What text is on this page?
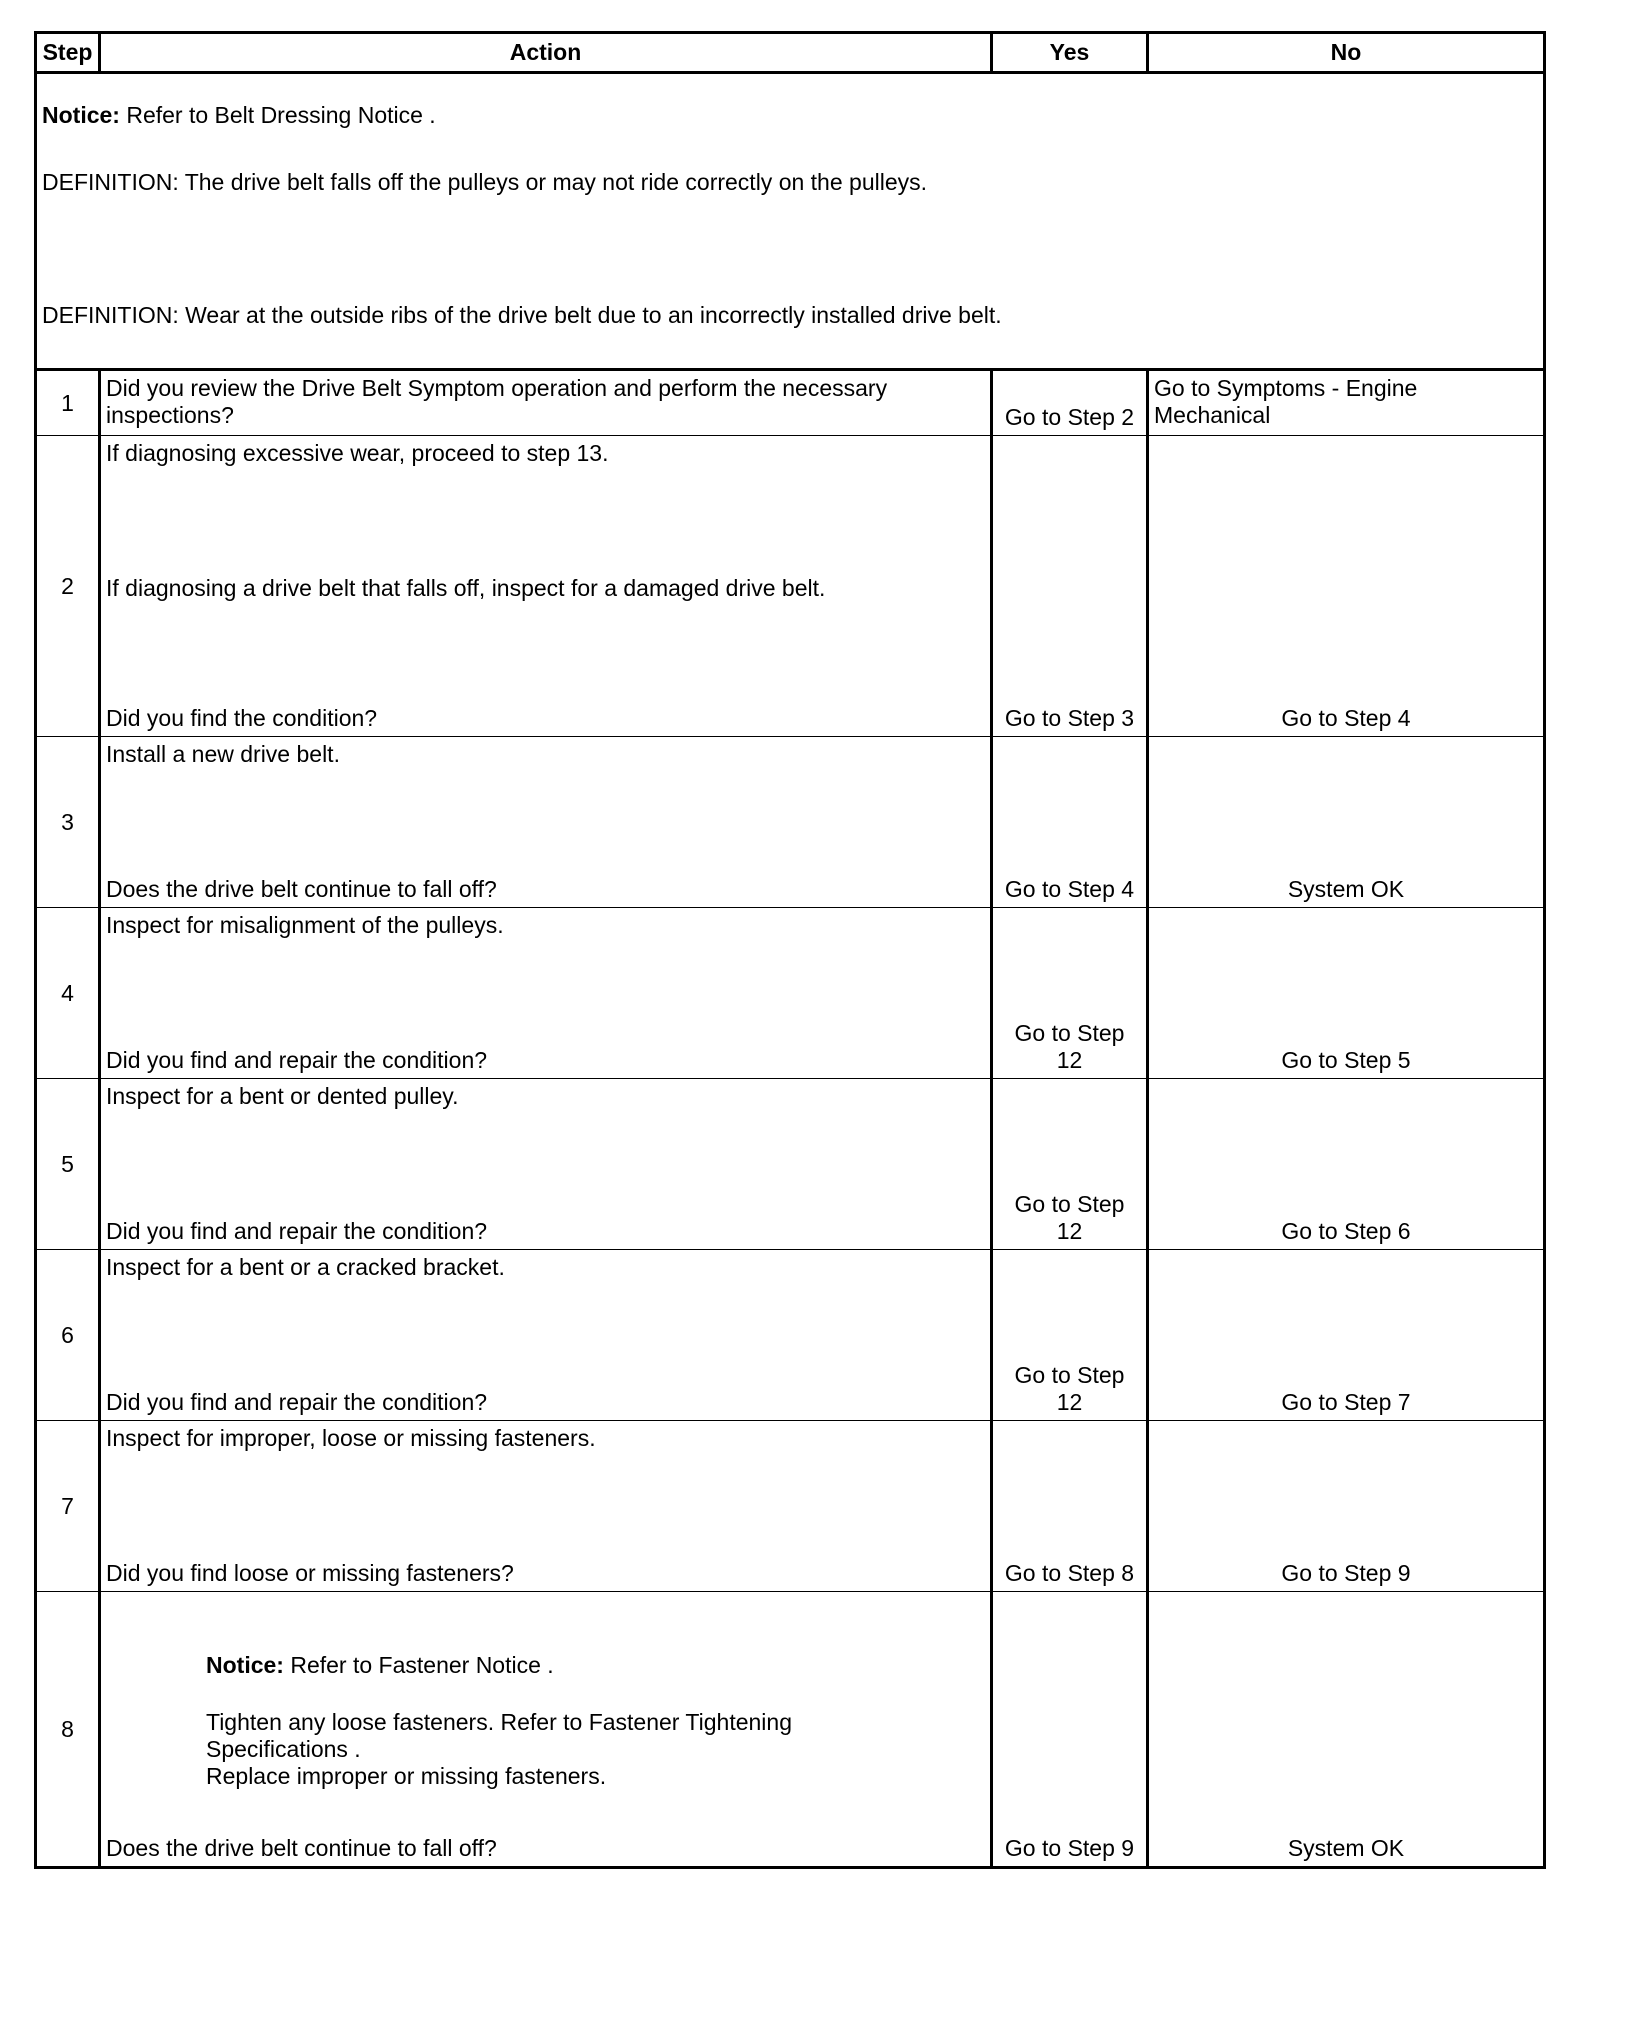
Step	Action	Yes	No

Notice: Refer to Belt Dressing Notice .

DEFINITION: The drive belt falls off the pulleys or may not ride correctly on the pulleys.

DEFINITION: Wear at the outside ribs of the drive belt due to an incorrectly installed drive belt.			

1	Did you review the Drive Belt Symptom operation and perform the necessary inspections?	Go to Step 2	Go to Symptoms - Engine Mechanical
2	If diagnosing excessive wear, proceed to step 13.
If diagnosing a drive belt that falls off, inspect for a damaged drive belt.
Did you find the condition?	Go to Step 3	Go to Step 4
3	Install a new drive belt.
Does the drive belt continue to fall off?	Go to Step 4	System OK
4	Inspect for misalignment of the pulleys.
Did you find and repair the condition?	Go to Step 12	Go to Step 5
5	Inspect for a bent or dented pulley.
Did you find and repair the condition?	Go to Step 12	Go to Step 6
6	Inspect for a bent or a cracked bracket.
Did you find and repair the condition?	Go to Step 12	Go to Step 7
7	Inspect for improper, loose or missing fasteners.
Did you find loose or missing fasteners?	Go to Step 8	Go to Step 9
8	Notice: Refer to Fastener Notice .
Tighten any loose fasteners. Refer to Fastener Tightening Specifications .
Replace improper or missing fasteners.
Does the drive belt continue to fall off?	Go to Step 9	System OK
